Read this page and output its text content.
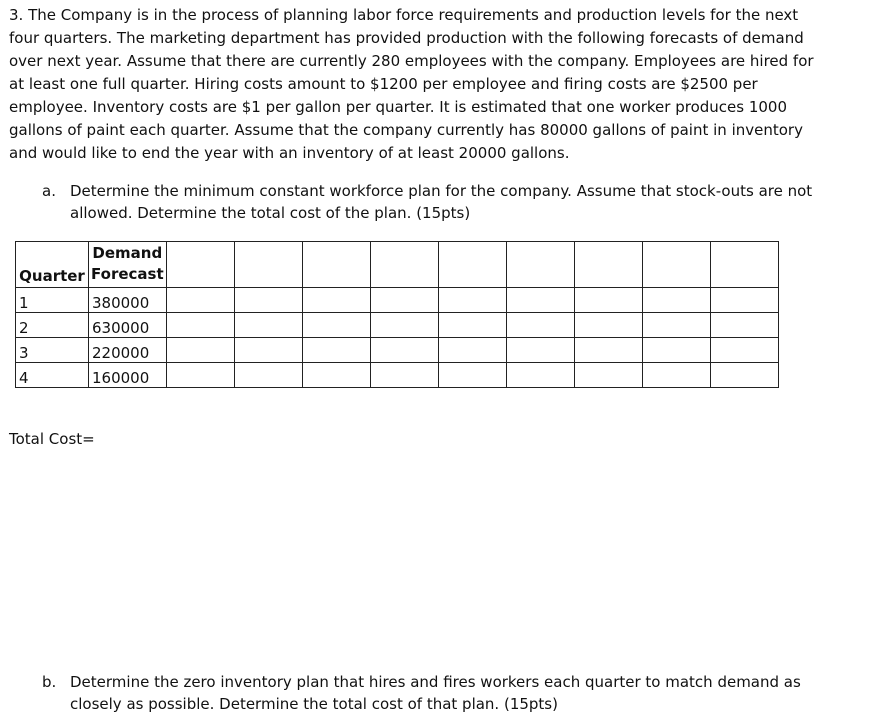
3. The Company is in the process of planning labor force requirements and production levels for the next
four quarters. The marketing department has provided production with the following forecasts of demand
over next year. Assume that there are currently 280 employees with the company. Employees are hired for
at least one full quarter. Hiring costs amount to $1200 per employee and firing costs are $2500 per
employee. Inventory costs are $1 per gallon per quarter. It is estimated that one worker produces 1000
gallons of paint each quarter. Assume that the company currently has 80000 gallons of paint in inventory
and would like to end the year with an inventory of at least 20000 gallons.
a. Determine the minimum constant workforce plan for the company. Assume that stock-outs are not
allowed. Determine the total cost of the plan. (15pts)
Quarter	Demand
Forecast									

1	380000									
2	630000									
3	220000									
4	160000									
Total Cost=
b. Determine the zero inventory plan that hires and fires workers each quarter to match demand as
closely as possible. Determine the total cost of that plan. (15pts)
